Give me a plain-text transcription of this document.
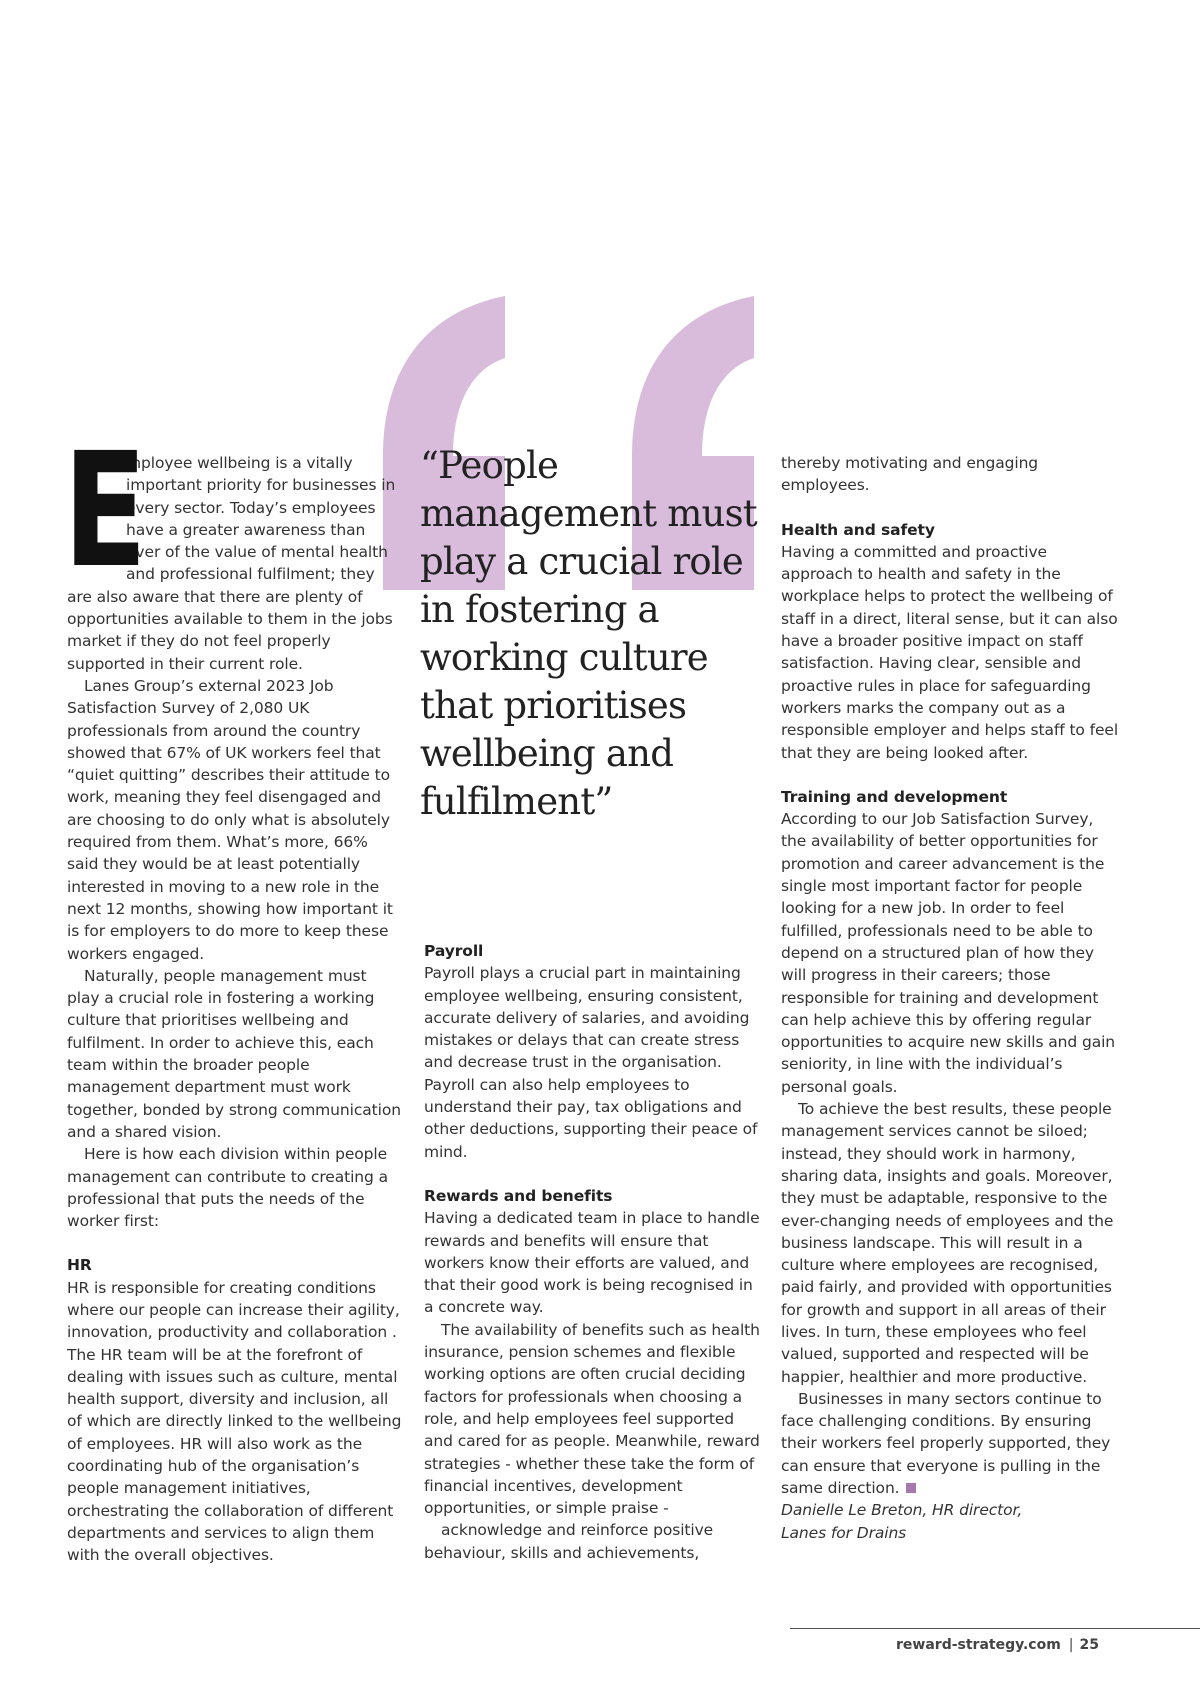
“People management must play a crucial role in fostering a working culture that prioritises wellbeing and fulfilment”

E

mployee wellbeing is a vitally important priority for businesses in every sector. Today’s employees have a greater awareness than ever of the value of mental health and professional fulfilment; they are also aware that there are plenty of opportunities available to them in the jobs market if they do not feel properly supported in their current role.

Lanes Group’s external 2023 Job Satisfaction Survey of 2,080 UK professionals from around the country showed that 67% of UK workers feel that “quiet quitting” describes their attitude to work, meaning they feel disengaged and are choosing to do only what is absolutely required from them. What’s more, 66% said they would be at least potentially interested in moving to a new role in the next 12 months, showing how important it is for employers to do more to keep these workers engaged.

Naturally, people management must play a crucial role in fostering a working culture that prioritises wellbeing and fulfilment. In order to achieve this, each team within the broader people management department must work together, bonded by strong communication and a shared vision.

Here is how each division within people management can contribute to creating a professional that puts the needs of the worker first:

HR

HR is responsible for creating conditions where our people can increase their agility, innovation, productivity and collaboration . The HR team will be at the forefront of dealing with issues such as culture, mental health support, diversity and inclusion, all of which are directly linked to the wellbeing of employees. HR will also work as the coordinating hub of the organisation’s people management initiatives, orchestrating the collaboration of different departments and services to align them with the overall objectives.

Payroll

Payroll plays a crucial part in maintaining employee wellbeing, ensuring consistent, accurate delivery of salaries, and avoiding mistakes or delays that can create stress and decrease trust in the organisation. Payroll can also help employees to understand their pay, tax obligations and other deductions, supporting their peace of mind.

Rewards and benefits

Having a dedicated team in place to handle rewards and benefits will ensure that workers know their efforts are valued, and that their good work is being recognised in a concrete way.

The availability of benefits such as health insurance, pension schemes and flexible working options are often crucial deciding factors for professionals when choosing a role, and help employees feel supported and cared for as people. Meanwhile, reward strategies - whether these take the form of financial incentives, development opportunities, or simple praise -

acknowledge and reinforce positive behaviour, skills and achievements,

thereby motivating and engaging employees.

Health and safety

Having a committed and proactive approach to health and safety in the workplace helps to protect the wellbeing of staff in a direct, literal sense, but it can also have a broader positive impact on staff satisfaction. Having clear, sensible and proactive rules in place for safeguarding workers marks the company out as a responsible employer and helps staff to feel that they are being looked after.

Training and development

According to our Job Satisfaction Survey, the availability of better opportunities for promotion and career advancement is the single most important factor for people looking for a new job. In order to feel fulfilled, professionals need to be able to depend on a structured plan of how they will progress in their careers; those responsible for training and development can help achieve this by offering regular opportunities to acquire new skills and gain seniority, in line with the individual’s personal goals.

To achieve the best results, these people management services cannot be siloed; instead, they should work in harmony, sharing data, insights and goals. Moreover, they must be adaptable, responsive to the ever-changing needs of employees and the business landscape. This will result in a culture where employees are recognised, paid fairly, and provided with opportunities for growth and support in all areas of their lives. In turn, these employees who feel valued, supported and respected will be happier, healthier and more productive.

Businesses in many sectors continue to face challenging conditions. By ensuring their workers feel properly supported, they can ensure that everyone is pulling in the same direction.

Danielle Le Breton, HR director,

Lanes for Drains

reward-strategy.com | 25
